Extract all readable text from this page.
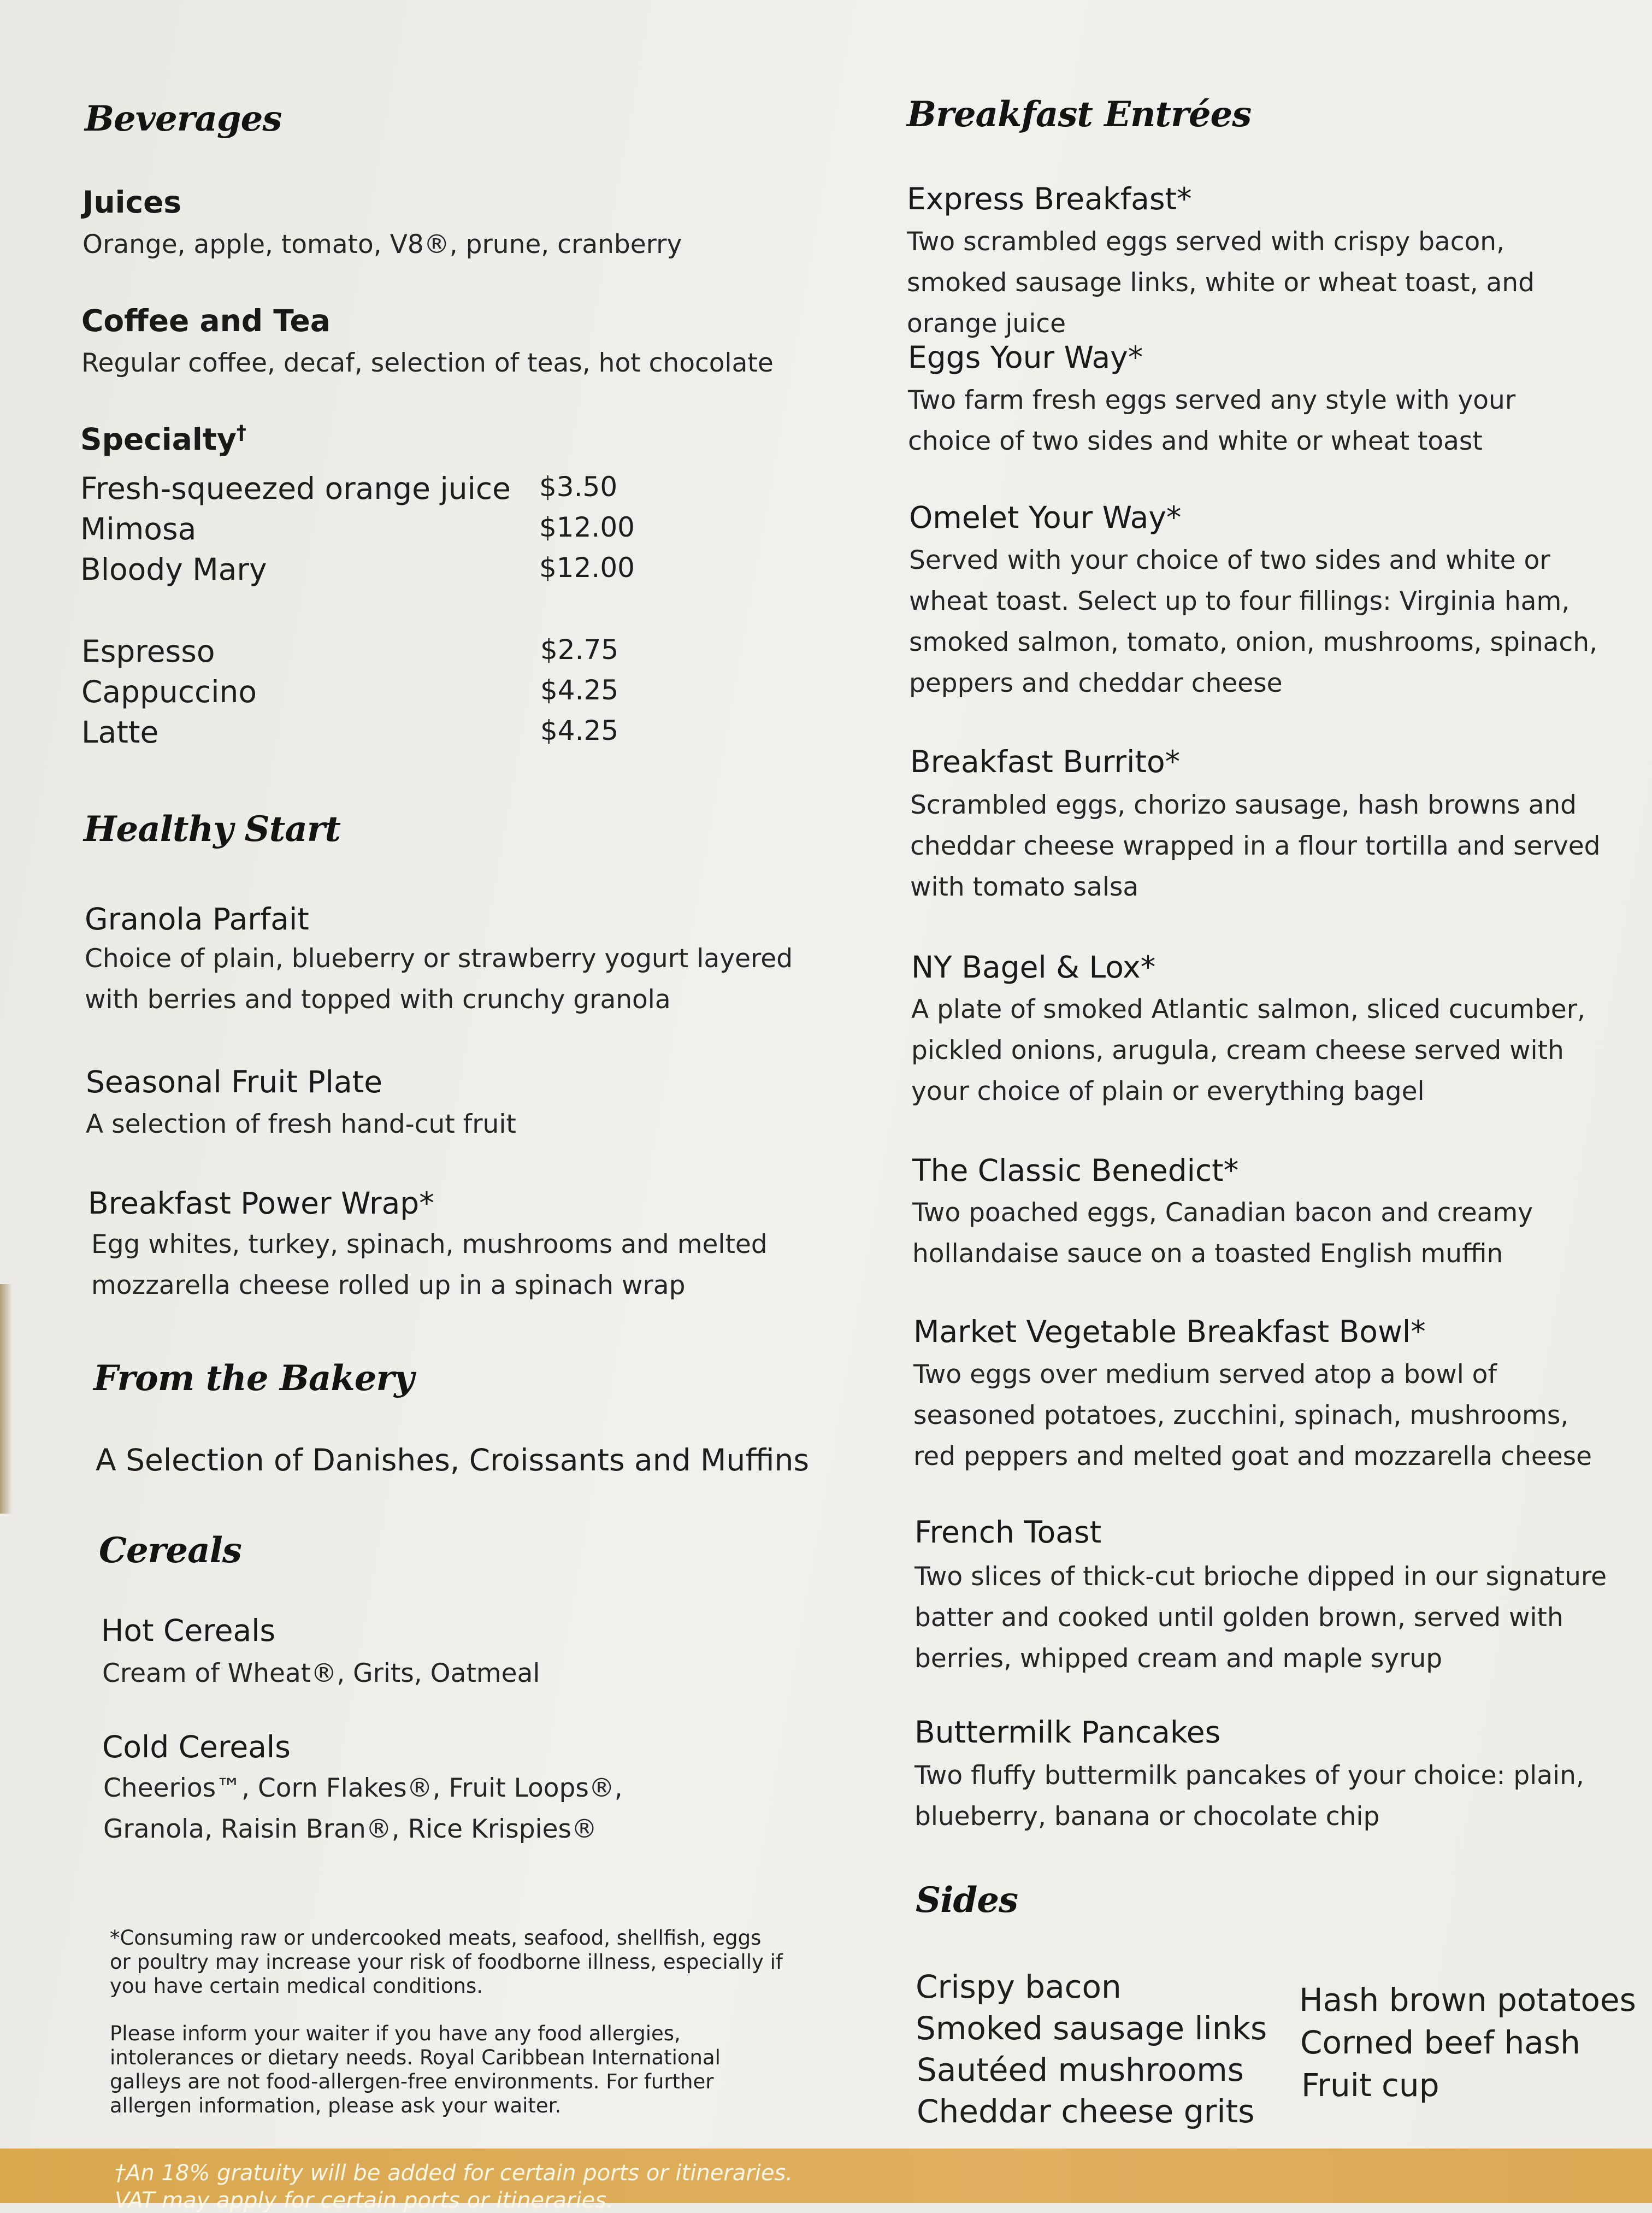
Beverages
Juices
Orange, apple, tomato, V8®, prune, cranberry
Coffee and Tea
Regular coffee, decaf, selection of teas, hot chocolate
Specialty†
Fresh-squeezed orange juice $3.50
Mimosa	$12.00
Bloody Mary	$12.00
Espresso	$2.75
Cappuccino	$4.25
Latte	$4.25
Healthy Start
Granola Parfait
Choice of plain, blueberry or strawberry yogurt layered with berries and topped with crunchy granola
Seasonal Fruit Plate
A selection of fresh hand-cut fruit
Breakfast Power Wrap*
Egg whites, turkey, spinach, mushrooms and melted mozzarella cheese rolled up in a spinach wrap
From the Bakery
A Selection of Danishes, Croissants and Muffins
Cereals
Hot Cereals
Cream of Wheat®, Grits, Oatmeal
Cold Cereals
Cheerios™, Corn Flakes®, Fruit Loops®, Granola, Raisin Bran®, Rice Krispies®
*Consuming raw or undercooked meats, seafood, shellfish, eggs or poultry may increase your risk of foodborne illness, especially if you have certain medical conditions.
Please inform your waiter if you have any food allergies, intolerances or dietary needs. Royal Caribbean International galleys are not food-allergen-free environments. For further allergen information, please ask your waiter.
Breakfast Entrées
Express Breakfast*
Two scrambled eggs served with crispy bacon, smoked sausage links, white or wheat toast, and orange juice
Eggs Your Way*
Two farm fresh eggs served any style with your choice of two sides and white or wheat toast
Omelet Your Way*
Served with your choice of two sides and white or wheat toast. Select up to four fillings: Virginia ham, smoked salmon, tomato, onion, mushrooms, spinach, peppers and cheddar cheese
Breakfast Burrito*
Scrambled eggs, chorizo sausage, hash browns and cheddar cheese wrapped in a flour tortilla and served with tomato salsa
NY Bagel & Lox*
A plate of smoked Atlantic salmon, sliced cucumber, pickled onions, arugula, cream cheese served with your choice of plain or everything bagel
The Classic Benedict*
Two poached eggs, Canadian bacon and creamy hollandaise sauce on a toasted English muffin
Market Vegetable Breakfast Bowl*
Two eggs over medium served atop a bowl of seasoned potatoes, zucchini, spinach, mushrooms, red peppers and melted goat and mozzarella cheese
French Toast
Two slices of thick-cut brioche dipped in our signature batter and cooked until golden brown, served with berries, whipped cream and maple syrup
Buttermilk Pancakes
Two fluffy buttermilk pancakes of your choice: plain, blueberry, banana or chocolate chip
Sides
Crispy bacon
Smoked sausage links
Sautéed mushrooms
Cheddar cheese grits
Hash brown potatoes
Corned beef hash
Fruit cup
†An 18% gratuity will be added for certain ports or itineraries.
VAT may apply for certain ports or itineraries.
